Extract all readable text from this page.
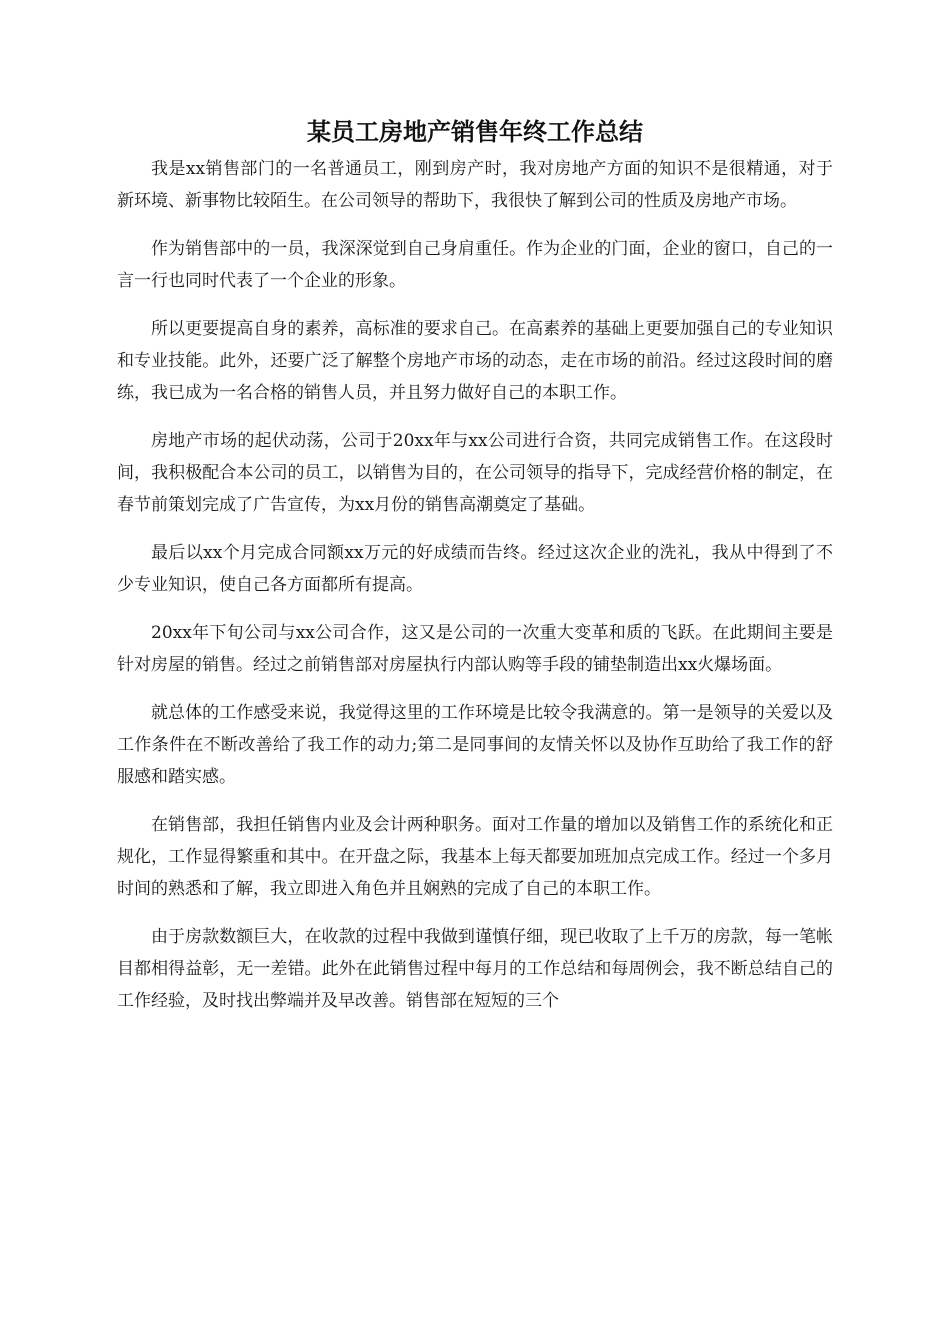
某员工房地产销售年终工作总结

我是xx销售部门的一名普通员工，刚到房产时，我对房地产方面的知识不是很精通，对于新环境、新事物比较陌生。在公司领导的帮助下，我很快了解到公司的性质及房地产市场。

作为销售部中的一员，我深深觉到自己身肩重任。作为企业的门面，企业的窗口，自己的一言一行也同时代表了一个企业的形象。

所以更要提高自身的素养，高标准的要求自己。在高素养的基础上更要加强自己的专业知识和专业技能。此外，还要广泛了解整个房地产市场的动态，走在市场的前沿。经过这段时间的磨练，我已成为一名合格的销售人员，并且努力做好自己的本职工作。

房地产市场的起伏动荡，公司于20xx年与xx公司进行合资，共同完成销售工作。在这段时间，我积极配合本公司的员工，以销售为目的，在公司领导的指导下，完成经营价格的制定，在春节前策划完成了广告宣传，为xx月份的销售高潮奠定了基础。

最后以xx个月完成合同额xx万元的好成绩而告终。经过这次企业的洗礼，我从中得到了不少专业知识，使自己各方面都所有提高。

20xx年下旬公司与xx公司合作，这又是公司的一次重大变革和质的飞跃。在此期间主要是针对房屋的销售。经过之前销售部对房屋执行内部认购等手段的铺垫制造出xx火爆场面。

就总体的工作感受来说，我觉得这里的工作环境是比较令我满意的。第一是领导的关爱以及工作条件在不断改善给了我工作的动力;第二是同事间的友情关怀以及协作互助给了我工作的舒服感和踏实感。

在销售部，我担任销售内业及会计两种职务。面对工作量的增加以及销售工作的系统化和正规化，工作显得繁重和其中。在开盘之际，我基本上每天都要加班加点完成工作。经过一个多月时间的熟悉和了解，我立即进入角色并且娴熟的完成了自己的本职工作。

由于房款数额巨大，在收款的过程中我做到谨慎仔细，现已收取了上千万的房款，每一笔帐目都相得益彰，无一差错。此外在此销售过程中每月的工作总结和每周例会，我不断总结自己的工作经验，及时找出弊端并及早改善。销售部在短短的三个
